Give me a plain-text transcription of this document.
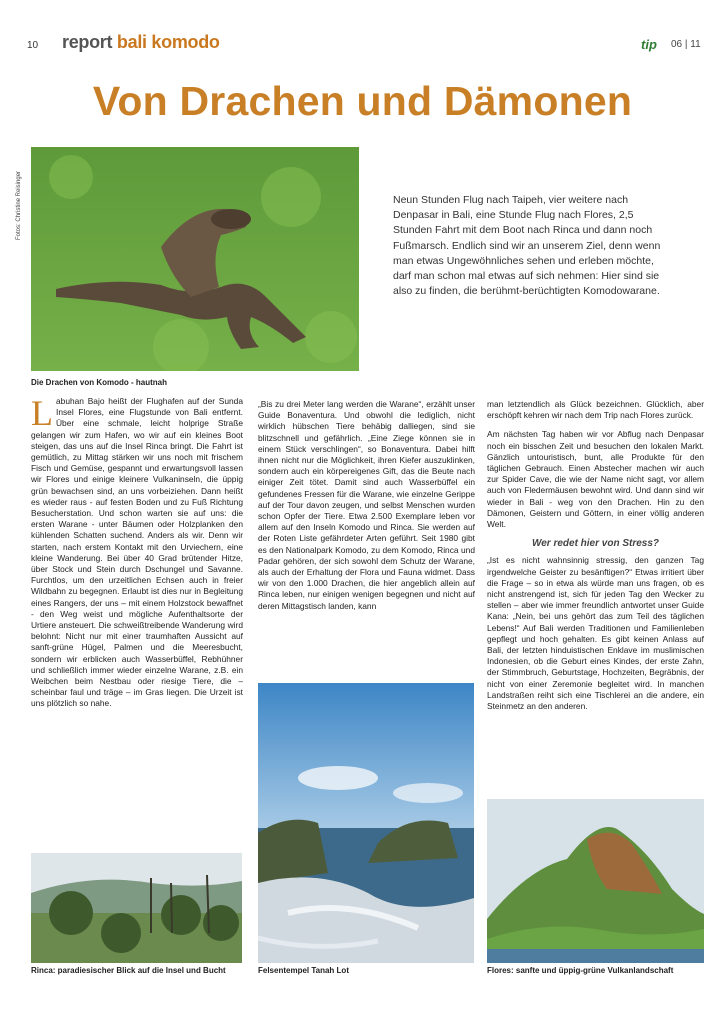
10 report bali komodo	tip 06 | 11
Von Drachen und Dämonen
Fotos: Christine Reisinger
Die Drachen von Komodo - hautnah
Neun Stunden Flug nach Taipeh, vier weitere nach Denpasar in Bali, eine Stunde Flug nach Flores, 2,5 Stunden Fahrt mit dem Boot nach Rinca und dann noch Fußmarsch. Endlich sind wir an unserem Ziel, denn wenn man etwas Ungewöhnliches sehen und erleben möchte, darf man schon mal etwas auf sich nehmen: Hier sind sie also zu finden, die berühmt-berüchtigten Komodowarane.
Labuhan Bajo heißt der Flughafen auf der Sunda Insel Flores, eine Flugstunde von Bali entfernt. Über eine schmale, leicht holprige Straße gelangen wir zum Hafen, wo wir auf ein kleines Boot steigen, das uns auf die Insel Rinca bringt. Die Fahrt ist gemütlich, zu Mittag stärken wir uns noch mit frischem Fisch und Gemüse, gespannt und erwartungsvoll lassen wir Flores und einige kleinere Vulkaninseln, die üppig grün bewachsen sind, an uns vorbeiziehen. Dann heißt es wieder raus - auf festen Boden und zu Fuß Richtung Besucherstation. Und schon warten sie auf uns: die ersten Warane - unter Bäumen oder Holzplanken den kühlenden Schatten suchend. Anders als wir. Denn wir starten, nach erstem Kontakt mit den Urviechern, eine kleine Wanderung. Bei über 40 Grad brütender Hitze, über Stock und Stein durch Dschungel und Savanne. Furchtlos, um den urzeitlichen Echsen auch in freier Wildbahn zu begegnen. Erlaubt ist dies nur in Begleitung eines Rangers, der uns – mit einem Holzstock bewaffnet - den Weg weist und mögliche Aufenthaltsorte der Urtiere ansteuert. Die schweißtreibende Wanderung wird belohnt: Nicht nur mit einer traumhaften Aussicht auf sanft-grüne Hügel, Palmen und die Meeresbucht, sondern wir erblicken auch Wasserbüffel, Rebhühner und schließlich immer wieder einzelne Warane, z.B. ein Weibchen beim Nestbau oder riesige Tiere, die – scheinbar faul und träge – im Gras liegen. Die Urzeit ist uns plötzlich so nahe.
„Bis zu drei Meter lang werden die Warane“, erzählt unser Guide Bonaventura. Und obwohl die lediglich, nicht wirklich hübschen Tiere behäbig dalliegen, sind sie blitzschnell und gefährlich. „Eine Ziege können sie in einem Stück verschlingen“, so Bonaventura. Dabei hilft ihnen nicht nur die Möglichkeit, ihren Kiefer auszuklinken, sondern auch ein körpereigenes Gift, das die Beute nach einiger Zeit tötet. Damit sind auch Wasserbüffel ein gefundenes Fressen für die Warane, wie einzelne Gerippe auf der Tour davon zeugen, und selbst Menschen wurden schon Opfer der Tiere. Etwa 2.500 Exemplare leben vor allem auf den Inseln Komodo und Rinca. Sie werden auf der Roten Liste gefährdeter Arten geführt. Seit 1980 gibt es den Nationalpark Komodo, zu dem Komodo, Rinca und Padar gehören, der sich sowohl dem Schutz der Warane, als auch der Erhaltung der Flora und Fauna widmet. Dass wir von den 1.000 Drachen, die hier angeblich allein auf Rinca leben, nur einigen wenigen begegnen und nicht auf deren Mittagstisch landen, kann

man letztendlich als Glück bezeichnen. Glücklich, aber erschöpft kehren wir nach dem Trip nach Flores zurück.

Am nächsten Tag haben wir vor Abflug nach Denpasar noch ein bisschen Zeit und besuchen den lokalen Markt. Gänzlich untouristisch, bunt, alle Produkte für den täglichen Gebrauch. Einen Abstecher machen wir auch zur Spider Cave, die wie der Name nicht sagt, vor allem auch von Fledermäusen bewohnt wird. Und dann sind wir wieder in Bali - weg von den Drachen. Hin zu den Dämonen, Geistern und Göttern, in einer völlig anderen Welt.

Wer redet hier von Stress?

„Ist es nicht wahnsinnig stressig, den ganzen Tag irgendwelche Geister zu besänftigen?“ Etwas irritiert über die Frage – so in etwa als würde man uns fragen, ob es nicht anstrengend ist, sich für jeden Tag den Wecker zu stellen – aber wie immer freundlich antwortet unser Guide Kana: „Nein, bei uns gehört das zum Teil des täglichen Lebens!“ Auf Bali werden Traditionen und Familienleben gepflegt und hoch gehalten. Es gibt keinen Anlass auf Bali, der letzten hinduistischen Enklave im muslimischen Indonesien, ob die Geburt eines Kindes, der erste Zahn, der Stimmbruch, Geburtstage, Hochzeiten, Begräbnis, der nicht von einer Zeremonie begleitet wird. In manchen Landstraßen reiht sich eine Tischlerei an die andere, ein Steinmetz an den anderen.

Rinca: paradiesischer Blick auf die Insel und Bucht	Felsentempel Tanah Lot	Flores: sanfte und üppig-grüne Vulkanlandschaft
